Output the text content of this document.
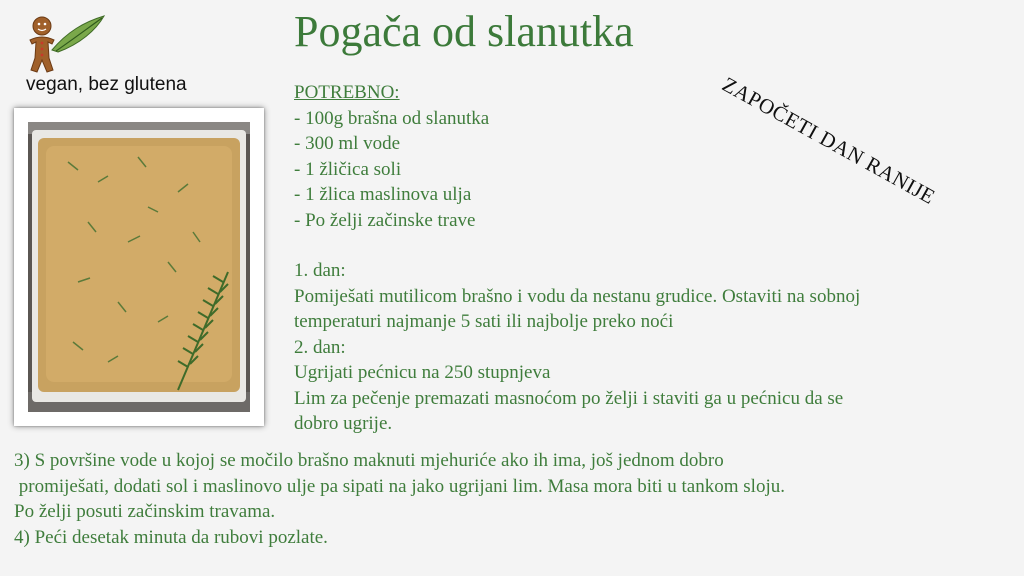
vegan, bez glutena
Pogača od slanutka
ZAPOČETI DAN RANIJE
POTREBNO:
- 100g brašna od slanutka
- 300 ml vode
- 1 žličica soli
- 1 žlica maslinova ulja
- Po želji začinske trave
1. dan:
Pomiješati mutilicom brašno i vodu da nestanu grudice. Ostaviti na sobnoj
temperaturi najmanje 5 sati ili najbolje preko noći
2. dan:
Ugrijati pećnicu na 250 stupnjeva
Lim za pečenje premazati masnoćom po želji i staviti ga u pećnicu da se
dobro ugrije.
3) S površine vode u kojoj se močilo brašno maknuti mjehuriće ako ih ima, još jednom dobro
promiješati, dodati sol i maslinovo ulje pa sipati na jako ugrijani lim. Masa mora biti u tankom sloju.
Po želji posuti začinskim travama.
4) Peći desetak minuta da rubovi pozlate.
